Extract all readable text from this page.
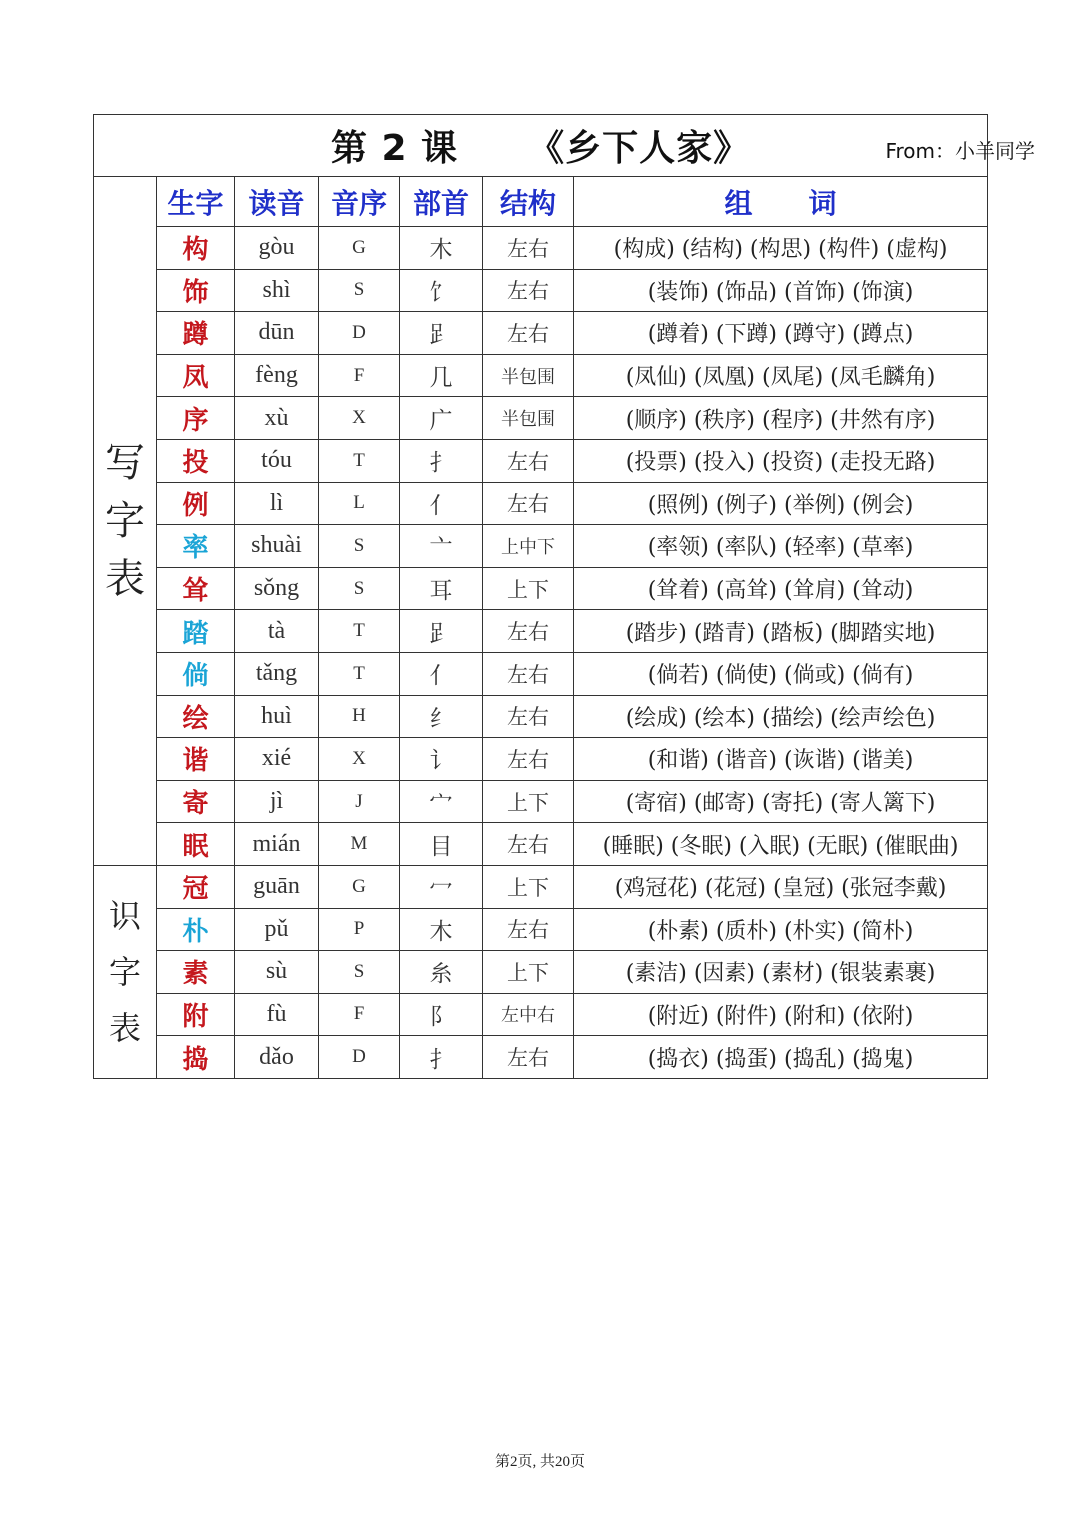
第 2 课 《乡下人家》 From：小羊同学						

写
字
表	生字	读音	音序	部首	结构	组　　词
	构	gòu	G	木	左右	(构成) (结构) (构思) (构件) (虚构)
	饰	shì	S	饣	左右	(装饰) (饰品) (首饰) (饰演)
	蹲	dūn	D	𧾷	左右	(蹲着) (下蹲) (蹲守) (蹲点)
	凤	fèng	F	几	半包围	(凤仙) (凤凰) (凤尾) (凤毛麟角)
	序	xù	X	广	半包围	(顺序) (秩序) (程序) (井然有序)
	投	tóu	T	扌	左右	(投票) (投入) (投资) (走投无路)
	例	lì	L	亻	左右	(照例) (例子) (举例) (例会)
	率	shuài	S	亠	上中下	(率领) (率队) (轻率) (草率)
	耸	sǒng	S	耳	上下	(耸着) (高耸) (耸肩) (耸动)
	踏	tà	T	𧾷	左右	(踏步) (踏青) (踏板) (脚踏实地)
	倘	tǎng	T	亻	左右	(倘若) (倘使) (倘或) (倘有)
	绘	huì	H	纟	左右	(绘成) (绘本) (描绘) (绘声绘色)
	谐	xié	X	讠	左右	(和谐) (谐音) (诙谐) (谐美)
	寄	jì	J	宀	上下	(寄宿) (邮寄) (寄托) (寄人篱下)
	眠	mián	M	目	左右	(睡眠) (冬眠) (入眠) (无眠) (催眠曲)

识
字
表	冠	guān	G	冖	上下	(鸡冠花) (花冠) (皇冠) (张冠李戴)
	朴	pǔ	P	木	左右	(朴素) (质朴) (朴实) (简朴)
	素	sù	S	糸	上下	(素洁) (因素) (素材) (银装素裹)
	附	fù	F	阝	左中右	(附近) (附件) (附和) (依附)
	捣	dǎo	D	扌	左右	(捣衣) (捣蛋) (捣乱) (捣鬼)
第2页, 共20页
